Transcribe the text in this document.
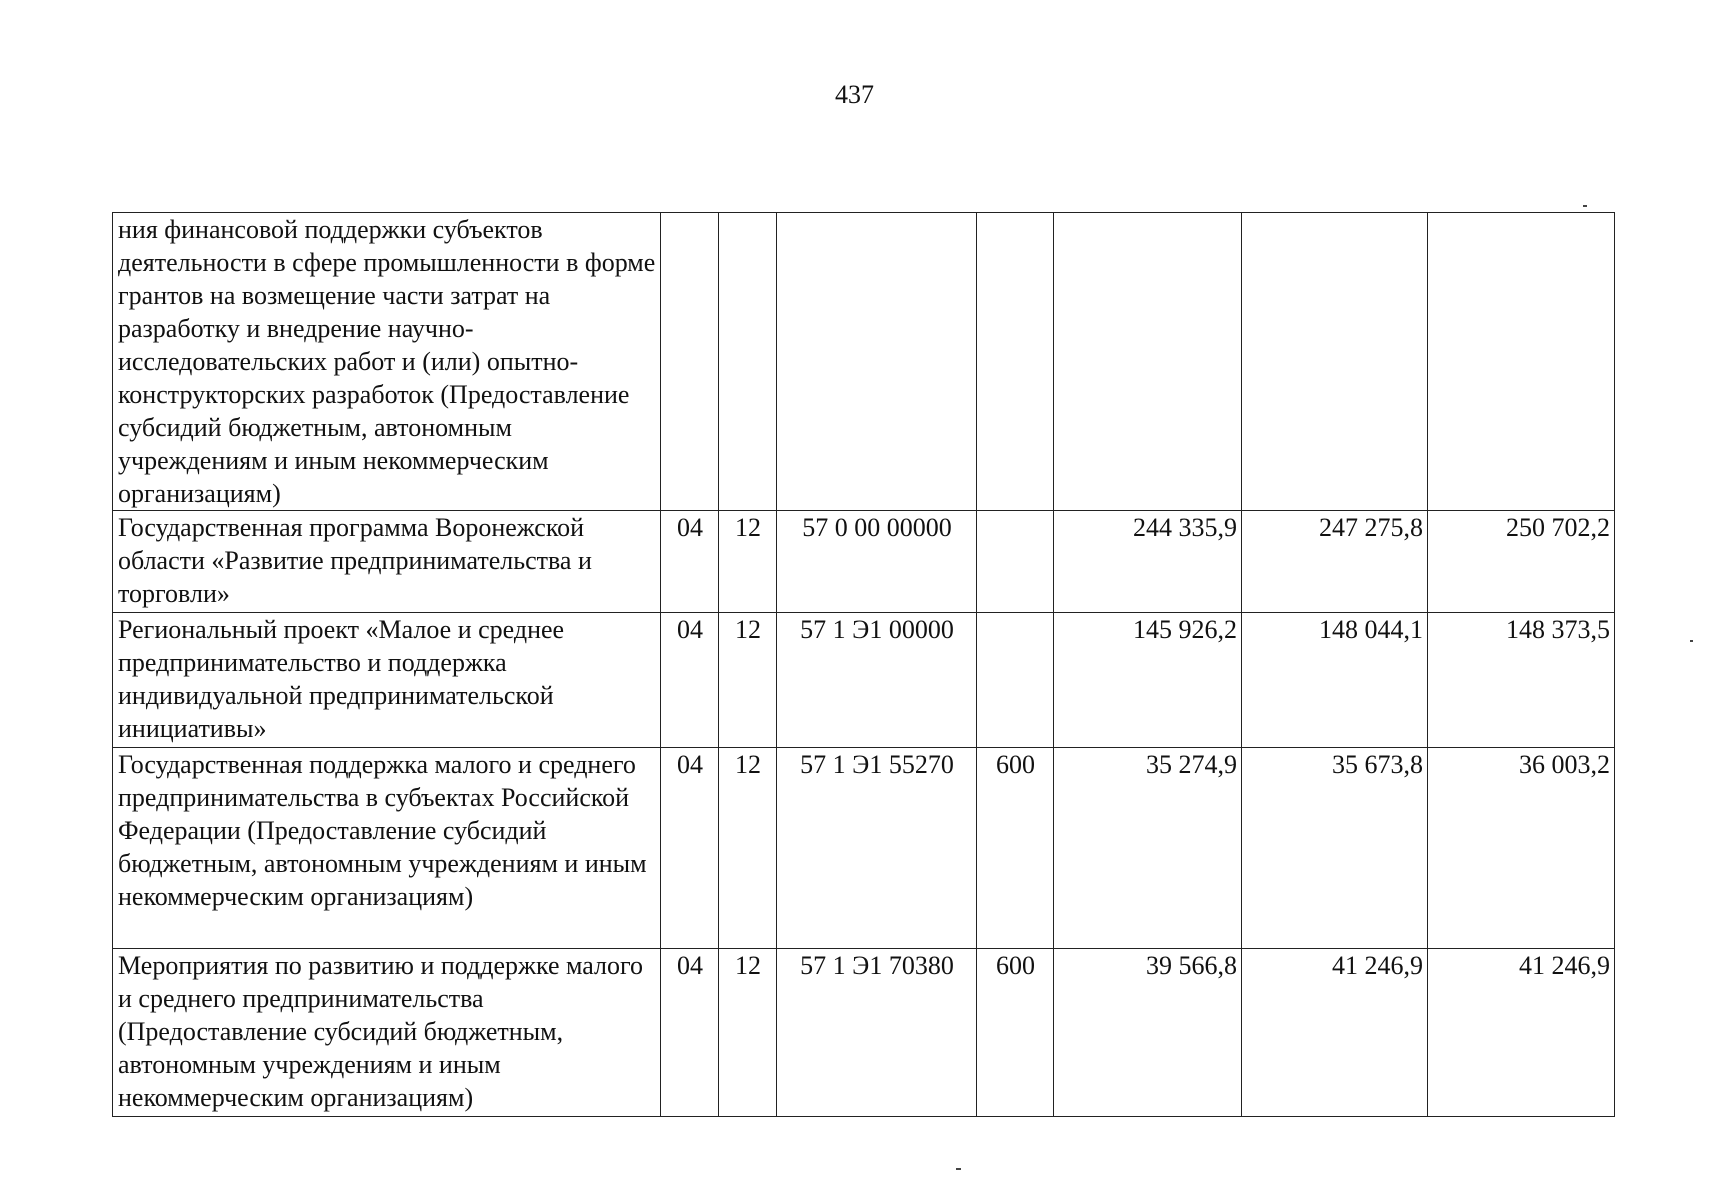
437
ния финансовой поддержки субъектов деятельности в сфере промышленности в форме грантов на возмещение части затрат на разработку и внедрение научно-исследовательских работ и (или) опытно-конструкторских разработок (Предоставление субсидий бюджетным, автономным учреждениям и иным некоммерческим организациям)							
Государственная программа Воронежской области «Развитие предпринимательства и торговли»	04	12	57 0 00 00000		244 335,9	247 275,8	250 702,2
Региональный проект «Малое и среднее предпринимательство и поддержка индивидуальной предпринимательской инициативы»	04	12	57 1 Э1 00000		145 926,2	148 044,1	148 373,5
Государственная поддержка малого и среднего предпринимательства в субъектах Российской Федерации (Предоставление субсидий бюджетным, автономным учреждениям и иным некоммерческим организациям)	04	12	57 1 Э1 55270	600	35 274,9	35 673,8	36 003,2
Мероприятия по развитию и поддержке малого и среднего предпринимательства (Предоставление субсидий бюджетным, автономным учреждениям и иным некоммерческим организациям)	04	12	57 1 Э1 70380	600	39 566,8	41 246,9	41 246,9
